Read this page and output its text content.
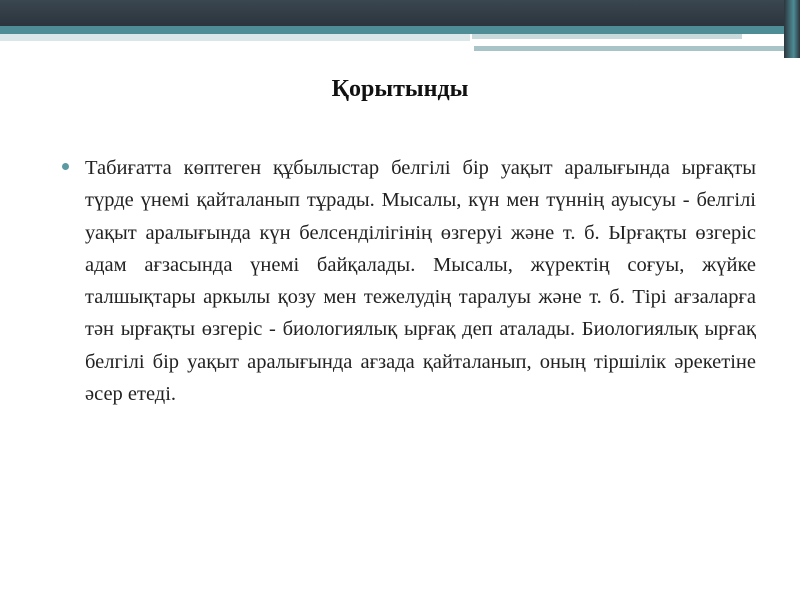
Қорытынды
Табиғатта көптеген құбылыстар белгілі бір уақыт аралығында ырғақты түрде үнемі қайталанып тұрады. Мысалы, күн мен түннің ауысуы - белгілі уақыт аралығында күн белсенділігінің өзгеруі және т. б. Ырғақты өзгеріс адам ағзасында үнемі байқалады. Мысалы, жүректің соғуы, жүйке талшықтары аркылы қозу мен тежелудің таралуы және т. б. Тірі ағзаларға тән ырғақты өзгеріс - биологиялық ырғақ деп аталады. Биологиялық ырғақ белгілі бір уақыт аралығында ағзада қайталанып, оның тіршілік әрекетіне әсер етеді.
